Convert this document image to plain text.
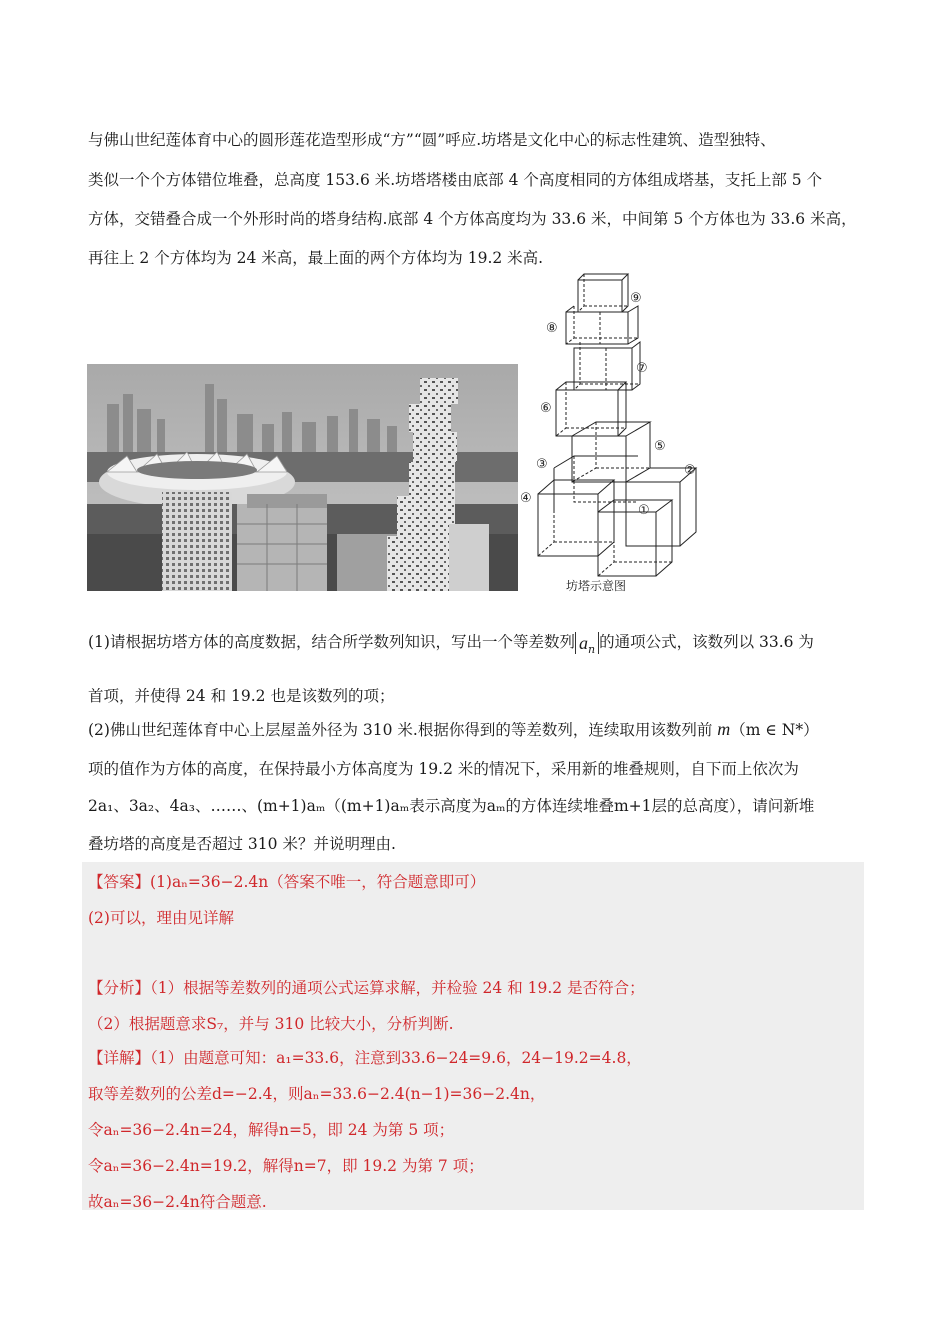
与佛山世纪莲体育中心的圆形莲花造型形成“方”“圆”呼应.坊塔是文化中心的标志性建筑、造型独特、
类似一个个方体错位堆叠，总高度 153.6 米.坊塔塔楼由底部 4 个高度相同的方体组成塔基，支托上部 5 个
方体，交错叠合成一个外形时尚的塔身结构.底部 4 个方体高度均为 33.6 米，中间第 5 个方体也为 33.6 米高，
再往上 2 个方体均为 24 米高，最上面的两个方体均为 19.2 米高.
⑨
⑧
⑦
⑥
⑤
③	②
④
①
坊塔示意图
(1)请根据坊塔方体的高度数据，结合所学数列知识，写出一个等差数列 $a_n$ 的通项公式，该数列以 33.6 为
首项，并使得 24 和 19.2 也是该数列的项；
(2)佛山世纪莲体育中心上层屋盖外径为 310 米.根据你得到的等差数列，连续取用该数列前 m（m ∈ N*）
项的值作为方体的高度，在保持最小方体高度为 19.2 米的情况下，采用新的堆叠规则，自下而上依次为
2a₁、3a₂、4a₃、……、(m+1)aₘ（(m+1)aₘ表示高度为aₘ的方体连续堆叠m+1层的总高度），请问新堆
叠坊塔的高度是否超过 310 米？并说明理由.
【答案】(1)aₙ=36−2.4n（答案不唯一，符合题意即可）
(2)可以，理由见详解
【分析】（1）根据等差数列的通项公式运算求解，并检验 24 和 19.2 是否符合；
（2）根据题意求S₇，并与 310 比较大小，分析判断.
【详解】（1）由题意可知：a₁=33.6，注意到33.6−24=9.6，24−19.2=4.8，
取等差数列的公差d=−2.4，则aₙ=33.6−2.4(n−1)=36−2.4n，
令aₙ=36−2.4n=24，解得n=5，即 24 为第 5 项；
令aₙ=36−2.4n=19.2，解得n=7，即 19.2 为第 7 项；
故aₙ=36−2.4n符合题意.
